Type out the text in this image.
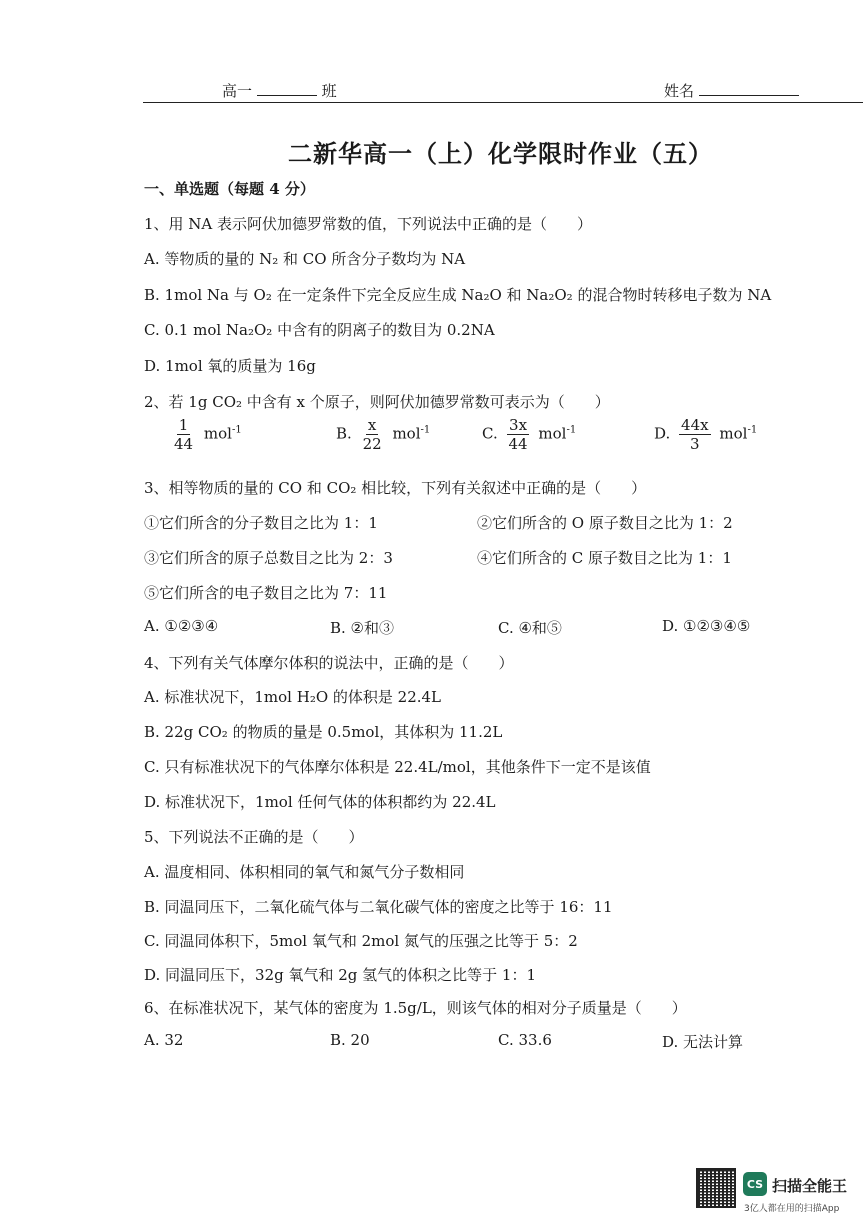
高一	班	姓名
二新华高一（上）化学限时作业（五）
一、单选题（每题 4 分）
1、用 NA 表示阿伏加德罗常数的值，下列说法中正确的是（　　）
A. 等物质的量的 N₂ 和 CO 所含分子数均为 NA
B. 1mol Na 与 O₂ 在一定条件下完全反应生成 Na₂O 和 Na₂O₂ 的混合物时转移电子数为 NA
C. 0.1 mol Na₂O₂ 中含有的阴离子的数目为 0.2NA
D. 1mol 氧的质量为 16g
2、若 1g CO₂ 中含有 x 个原子，则阿伏加德罗常数可表示为（　　）
$\frac{1}{44} mol^{-1}$	B. $\frac{x}{22} mol^{-1}$	C. $\frac{3x}{44} mol^{-1}$	D. $\frac{44x}{3} mol^{-1}$
3、相等物质的量的 CO 和 CO₂ 相比较，下列有关叙述中正确的是（　　）
①它们所含的分子数目之比为 1：1	②它们所含的 O 原子数目之比为 1：2
③它们所含的原子总数目之比为 2：3	④它们所含的 C 原子数目之比为 1：1
⑤它们所含的电子数目之比为 7：11
A. ①②③④	B. ②和③	C. ④和⑤	D. ①②③④⑤
4、下列有关气体摩尔体积的说法中，正确的是（　　）
A. 标准状况下，1mol H₂O 的体积是 22.4L
B. 22g CO₂ 的物质的量是 0.5mol，其体积为 11.2L
C. 只有标准状况下的气体摩尔体积是 22.4L/mol，其他条件下一定不是该值
D. 标准状况下，1mol 任何气体的体积都约为 22.4L
5、下列说法不正确的是（　　）
A. 温度相同、体积相同的氧气和氮气分子数相同
B. 同温同压下，二氧化硫气体与二氧化碳气体的密度之比等于 16：11
C. 同温同体积下，5mol 氧气和 2mol 氮气的压强之比等于 5：2
D. 同温同压下，32g 氧气和 2g 氢气的体积之比等于 1：1
6、在标准状况下，某气体的密度为 1.5g/L，则该气体的相对分子质量是（　　）
A. 32	B. 20	C. 33.6	D. 无法计算
CS 扫描全能王
3亿人都在用的扫描App
